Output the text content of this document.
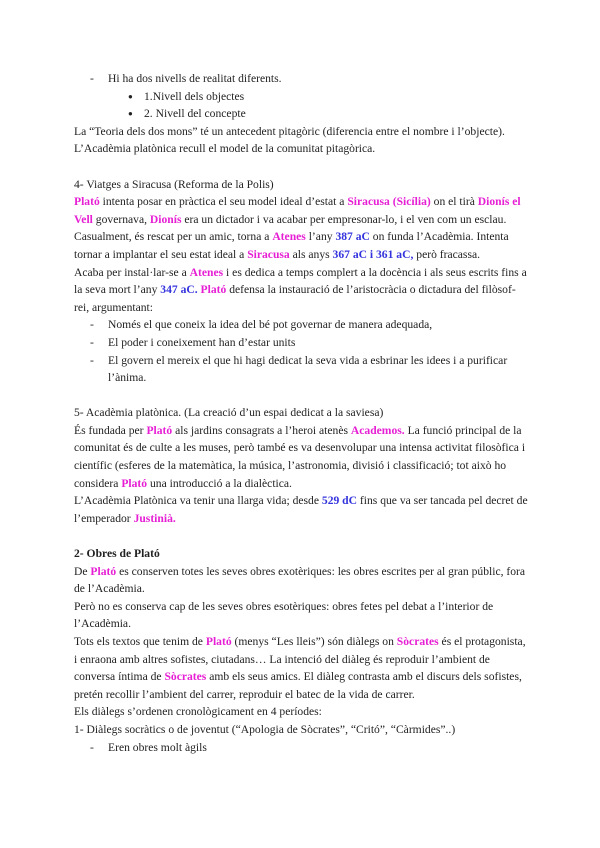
- Hi ha dos nivells de realitat diferents.
● 1.Nivell dels objectes
● 2. Nivell del concepte

La “Teoria dels dos mons” té un antecedent pitagòric (diferencia entre el nombre i l’objecte). L’Acadèmia platònica recull el model de la comunitat pitagòrica.

4- Viatges a Siracusa (Reforma de la Polis)

Plató intenta posar en pràctica el seu model ideal d’estat a Siracusa (Sicília) on el tirà Dionís el Vell governava, Dionís era un dictador i va acabar per empresonar-lo, i el ven com un esclau. Casualment, és rescat per un amic, torna a Atenes l’any 387 aC on funda l’Acadèmia. Intenta tornar a implantar el seu estat ideal a Siracusa als anys 367 aC i 361 aC, però fracassa.

Acaba per instal·lar-se a Atenes i es dedica a temps complert a la docència i als seus escrits fins a la seva mort l’any 347 aC. Plató defensa la instauració de l’aristocràcia o dictadura del filòsof-rei, argumentant:

- Només el que coneix la idea del bé pot governar de manera adequada,
- El poder i coneixement han d’estar units
- El govern el mereix el que hi hagi dedicat la seva vida a esbrinar les idees i a purificar l’ànima.

5- Acadèmia platònica. (La creació d’un espai dedicat a la saviesa)

És fundada per Plató als jardins consagrats a l’heroi atenès Academos. La funció principal de la comunitat és de culte a les muses, però també es va desenvolupar una intensa activitat filosòfica i científic (esferes de la matemàtica, la música, l’astronomia, divisió i classificació; tot això ho considera Plató una introducció a la dialèctica.

L’Acadèmia Platònica va tenir una llarga vida; desde 529 dC fins que va ser tancada pel decret de l’emperador Justinià.

2- Obres de Plató

De Plató es conserven totes les seves obres exotèriques: les obres escrites per al gran públic, fora de l’Acadèmia.

Però no es conserva cap de les seves obres esotèriques: obres fetes pel debat a l’interior de l’Acadèmia.

Tots els textos que tenim de Plató (menys “Les lleis”) són diàlegs on Sòcrates és el protagonista, i enraona amb altres sofistes, ciutadans… La intenció del diàleg és reproduir l’ambient de conversa íntima de Sòcrates amb els seus amics. El diàleg contrasta amb el discurs dels sofistes, pretén recollir l’ambient del carrer, reproduir el batec de la vida de carrer.

Els diàlegs s’ordenen cronològicament en 4 períodes:

1- Diàlegs socràtics o de joventut (“Apologia de Sòcrates”, “Critó”, “Càrmides”..)

- Eren obres molt àgils
